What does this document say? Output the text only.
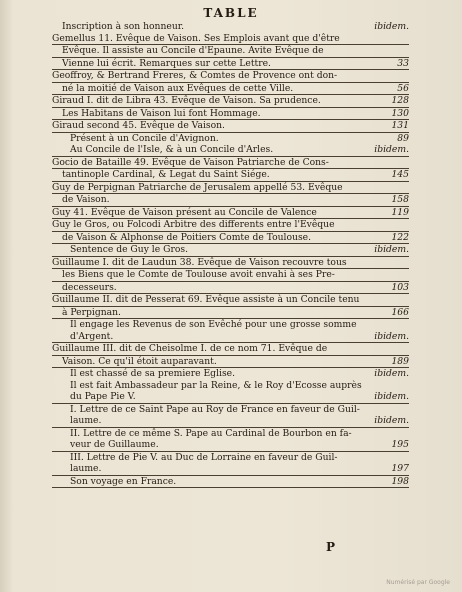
TABLE
Inscription à son honneur.	ibidem.
Gemellus 11. Evêque de Vaison. Ses Emplois avant que d'être
Evêque. Il assiste au Concile d'Epaune. Avite Evêque de
Vienne lui écrit. Remarques sur cette Lettre.	33
Geoffroy, & Bertrand Freres, & Comtes de Provence ont don-
né la moitié de Vaison aux Evêques de cette Ville.	56
Giraud I. dit de Libra 43. Evêque de Vaison. Sa prudence.	128
Les Habitans de Vaison lui font Hommage.	130
Giraud second 45. Evêque de Vaison.	131
Présent à un Concile d'Avignon.	89
Au Concile de l'Isle, & à un Concile d'Arles.	ibidem.
Gocio de Bataille 49. Evêque de Vaison Patriarche de Cons-
tantinople Cardinal, & Legat du Saint Siége.	145
Guy de Perpignan Patriarche de Jerusalem appellé 53. Evêque
de Vaison.	158
Guy 41. Evêque de Vaison présent au Concile de Valence	119
Guy le Gros, ou Folcodi Arbitre des differents entre l'Evêque
de Vaison & Alphonse de Poitiers Comte de Toulouse.	122
Sentence de Guy le Gros.	ibidem.
Guillaume I. dit de Laudun 38. Evêque de Vaison recouvre tous
les Biens que le Comte de Toulouse avoit envahi à ses Pre-
decesseurs.	103
Guillaume II. dit de Pesserat 69. Evêque assiste à un Concile tenu
à Perpignan.	166
Il engage les Revenus de son Evêché pour une grosse somme
d'Argent.	ibidem.
Guillaume III. dit de Cheisolme I. de ce nom 71. Evêque de
Vaison. Ce qu'il étoit auparavant.	189
Il est chassé de sa premiere Eglise.	ibidem.
Il est fait Ambassadeur par la Reine, & le Roy d'Ecosse auprès
du Pape Pie V.	ibidem.
I. Lettre de ce Saint Pape au Roy de France en faveur de Guil-
laume.	ibidem.
II. Lettre de ce même S. Pape au Cardinal de Bourbon en fa-
veur de Guillaume.	195
III. Lettre de Pie V. au Duc de Lorraine en faveur de Guil-
laume.	197
Son voyage en France.	198
P
Numérisé par Google
